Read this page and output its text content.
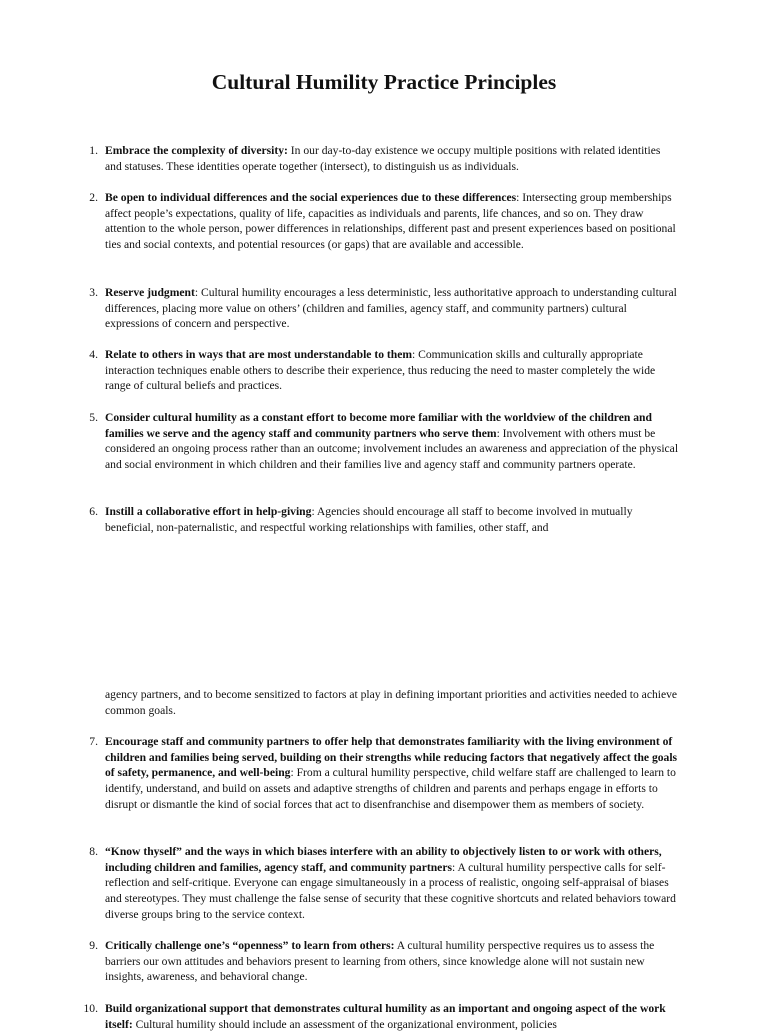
Cultural Humility Practice Principles

1. Embrace the complexity of diversity: In our day-to-day existence we occupy multiple positions with related identities and statuses. These identities operate together (intersect), to distinguish us as individuals.

2. Be open to individual differences and the social experiences due to these differences: Intersecting group memberships affect people’s expectations, quality of life, capacities as individuals and parents, life chances, and so on. They draw attention to the whole person, power differences in relationships, different past and present experiences based on positional ties and social contexts, and potential resources (or gaps) that are available and accessible.

3. Reserve judgment: Cultural humility encourages a less deterministic, less authoritative approach to understanding cultural differences, placing more value on others’ (children and families, agency staff, and community partners) cultural expressions of concern and perspective.

4. Relate to others in ways that are most understandable to them: Communication skills and culturally appropriate interaction techniques enable others to describe their experience, thus reducing the need to master completely the wide range of cultural beliefs and practices.

5. Consider cultural humility as a constant effort to become more familiar with the worldview of the children and families we serve and the agency staff and community partners who serve them: Involvement with others must be considered an ongoing process rather than an outcome; involvement includes an awareness and appreciation of the physical and social environment in which children and their families live and agency staff and community partners operate.

6. Instill a collaborative effort in help-giving: Agencies should encourage all staff to become involved in mutually beneficial, non-paternalistic, and respectful working relationships with families, other staff, and

agency partners, and to become sensitized to factors at play in defining important priorities and activities needed to achieve common goals.

7. Encourage staff and community partners to offer help that demonstrates familiarity with the living environment of children and families being served, building on their strengths while reducing factors that negatively affect the goals of safety, permanence, and well-being: From a cultural humility perspective, child welfare staff are challenged to learn to identify, understand, and build on assets and adaptive strengths of children and parents and perhaps engage in efforts to disrupt or dismantle the kind of social forces that act to disenfranchise and disempower them as members of society.

8. “Know thyself” and the ways in which biases interfere with an ability to objectively listen to or work with others, including children and families, agency staff, and community partners: A cultural humility perspective calls for self-reflection and self-critique. Everyone can engage simultaneously in a process of realistic, ongoing self-appraisal of biases and stereotypes. They must challenge the false sense of security that these cognitive shortcuts and related behaviors toward diverse groups bring to the service context.

9. Critically challenge one’s “openness” to learn from others: A cultural humility perspective requires us to assess the barriers our own attitudes and behaviors present to learning from others, since knowledge alone will not sustain new insights, awareness, and behavioral change.

10. Build organizational support that demonstrates cultural humility as an important and ongoing aspect of the work itself: Cultural humility should include an assessment of the organizational environment, policies
